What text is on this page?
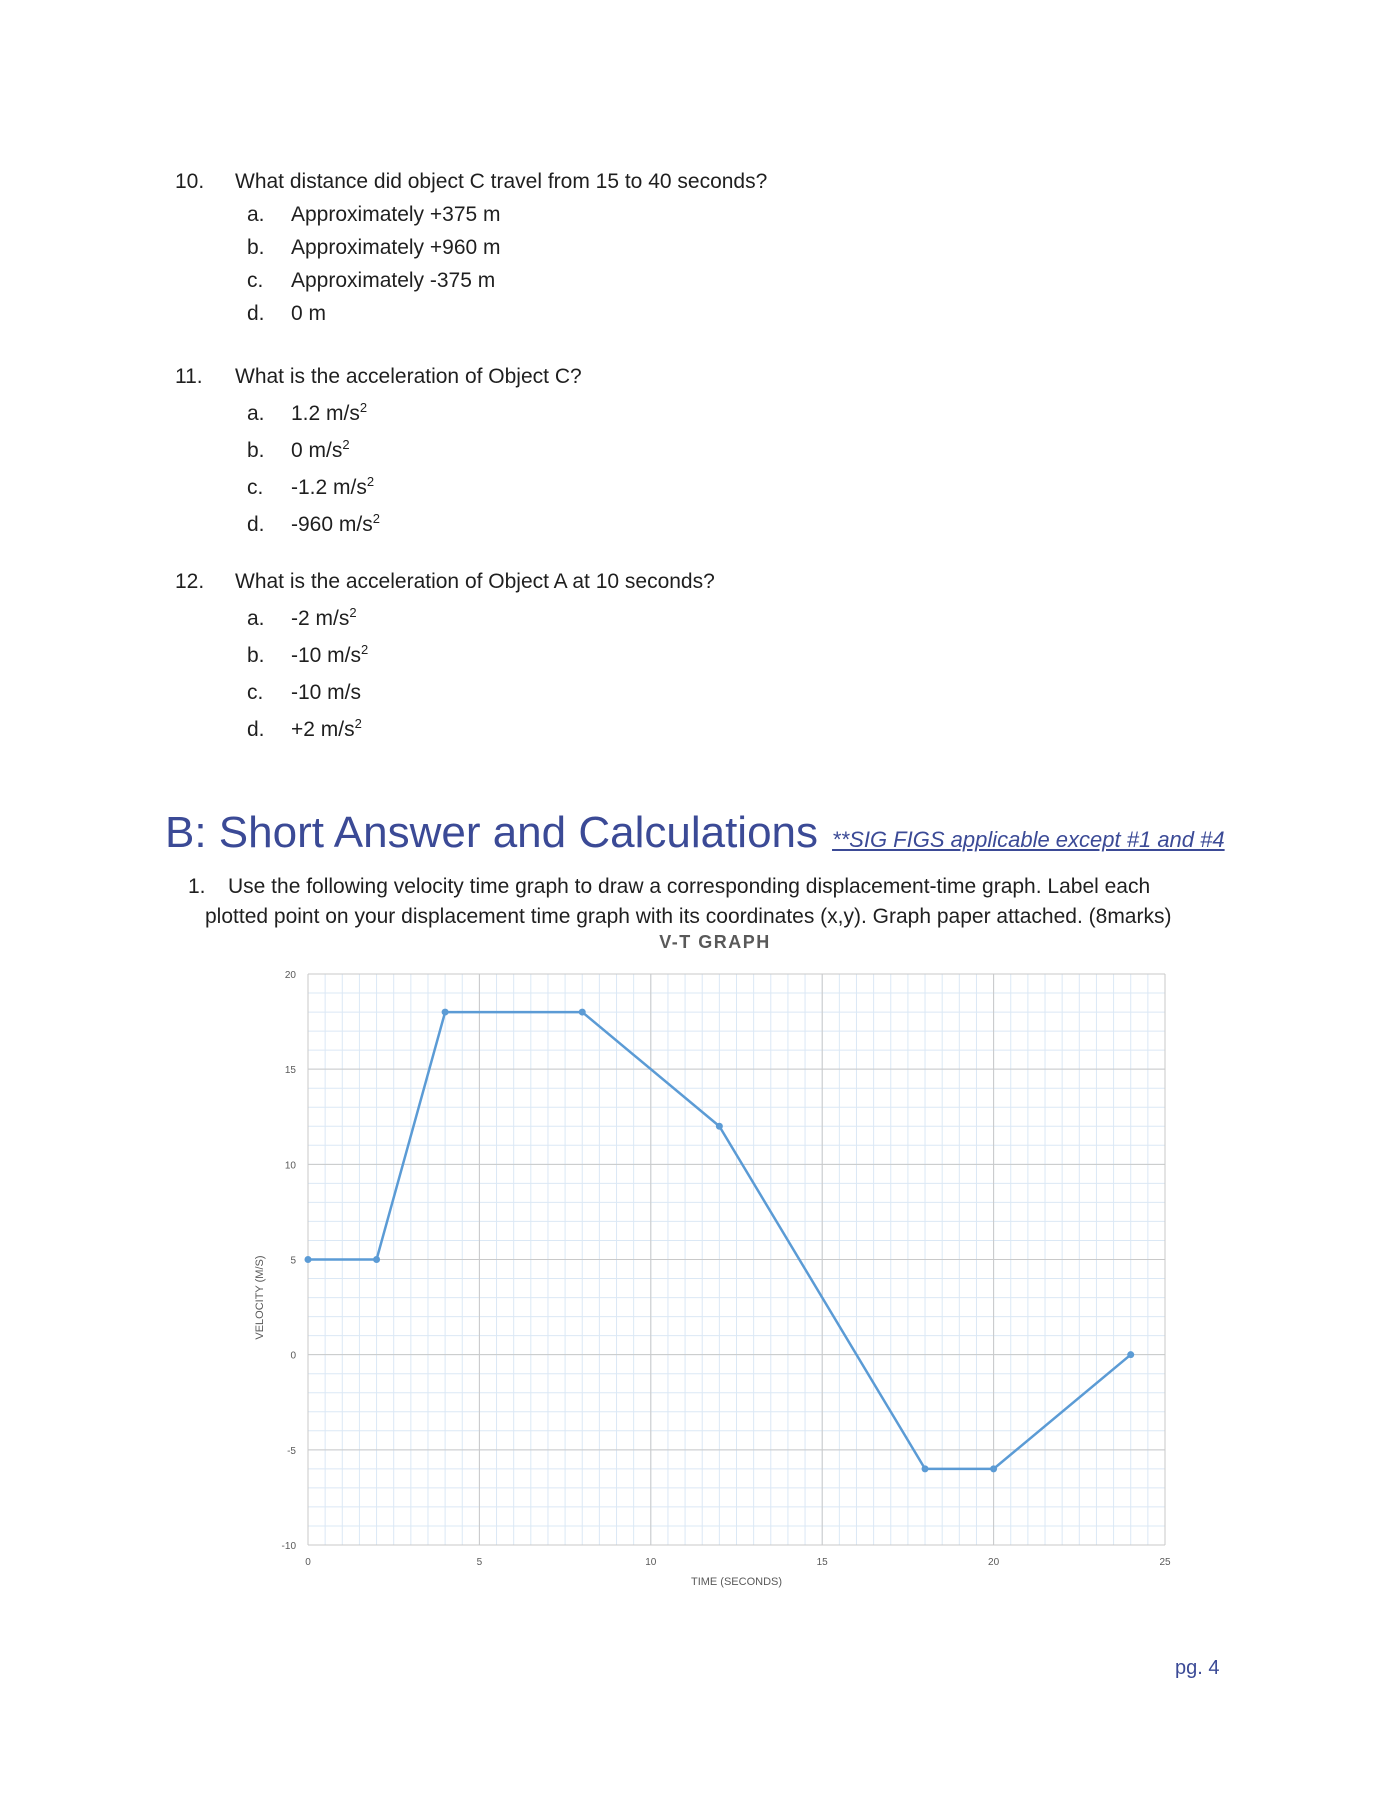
10.	What distance did object C travel from 15 to 40 seconds?
a.	Approximately +375 m
b.	Approximately +960 m
c.	Approximately -375 m
d.	0 m
11.	What is the acceleration of Object C?
a.	1.2 $m/s^2$
b.	0 $m/s^2$
c.	-1.2 $m/s^2$
d.	-960 $m/s^2$
12.	What is the acceleration of Object A at 10 seconds?
a.	-2 $m/s^2$
b.	-10 $m/s^2$
c.	-10 m/s
d.	+2 $m/s^2$
B: Short Answer and Calculations **SIG FIGS applicable except #1 and #4
1. Use the following velocity time graph to draw a corresponding displacement-time graph. Label each
plotted point on your displacement time graph with its coordinates (x,y). Graph paper attached. (8marks)
V-T GRAPH
20
15
10
5
0
-5
-10
0	5	10	15	20	25
TIME (SECONDS)
VELOCITY (M/S)
pg. 4
